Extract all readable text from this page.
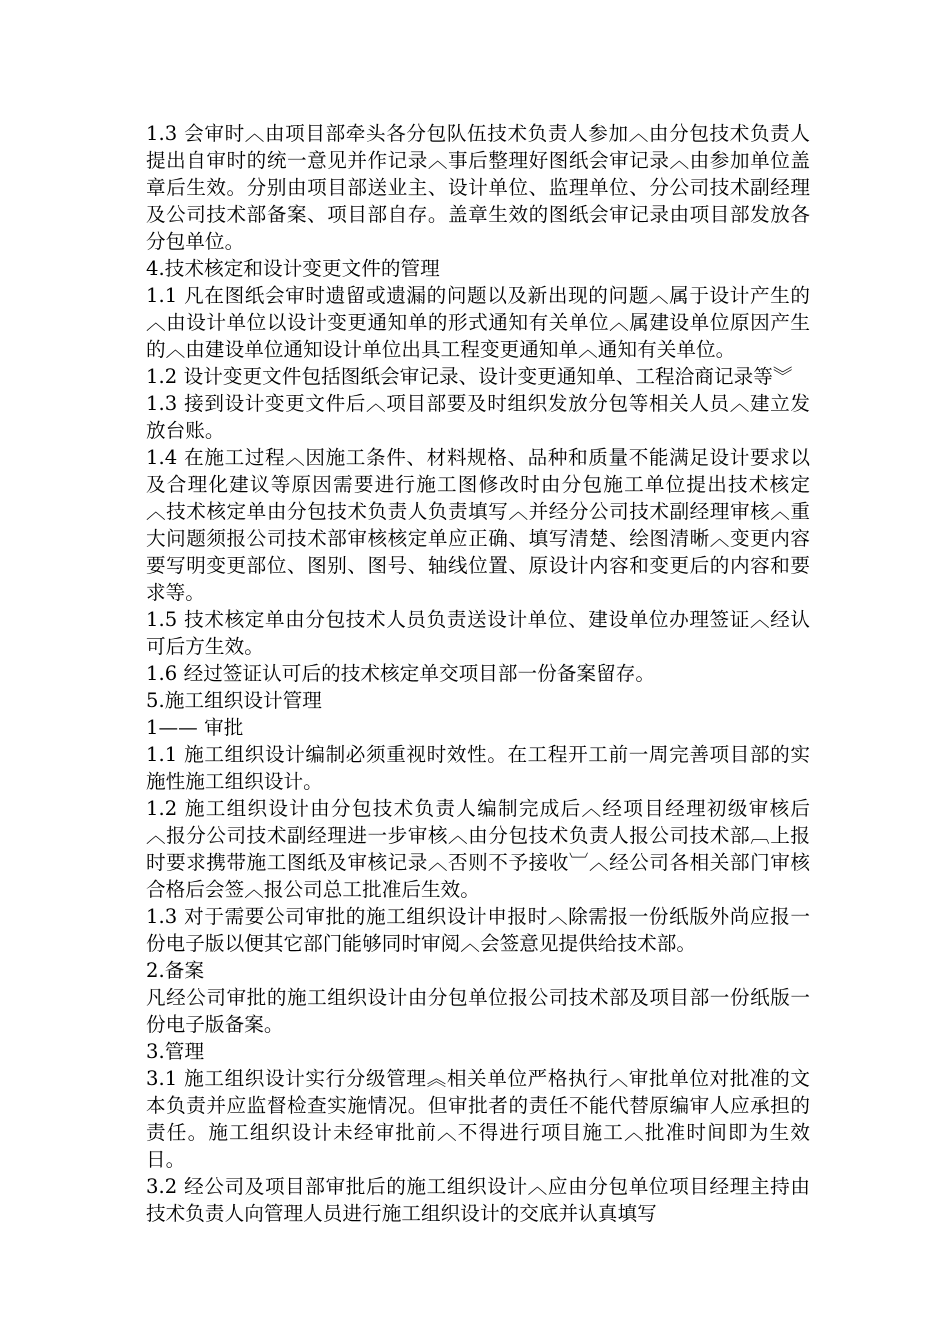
1.3 会审时︿由项目部牵头各分包队伍技术负责人参加︿由分包技术负责人提出自审时的统一意见并作记录︿事后整理好图纸会审记录︿由参加单位盖章后生效。分别由项目部送业主、设计单位、监理单位、分公司技术副经理及公司技术部备案、项目部自存。盖章生效的图纸会审记录由项目部发放各分包单位。

4.技术核定和设计变更文件的管理

1.1 凡在图纸会审时遗留或遗漏的问题以及新出现的问题︿属于设计产生的︿由设计单位以设计变更通知单的形式通知有关单位︿属建设单位原因产生的︿由建设单位通知设计单位出具工程变更通知单︿通知有关单位。

1.2 设计变更文件包括图纸会审记录、设计变更通知单、工程洽商记录等︾

1.3 接到设计变更文件后︿项目部要及时组织发放分包等相关人员︿建立发放台账。

1.4 在施工过程︿因施工条件、材料规格、品种和质量不能满足设计要求以及合理化建议等原因需要进行施工图修改时由分包施工单位提出技术核定︿技术核定单由分包技术负责人负责填写︿并经分公司技术副经理审核︿重大问题须报公司技术部审核核定单应正确、填写清楚、绘图清晰︿变更内容要写明变更部位、图别、图号、轴线位置、原设计内容和变更后的内容和要求等。

1.5 技术核定单由分包技术人员负责送设计单位、建设单位办理签证︿经认可后方生效。

1.6 经过签证认可后的技术核定单交项目部一份备案留存。

5.施工组织设计管理

1—— 审批

1.1 施工组织设计编制必须重视时效性。在工程开工前一周完善项目部的实施性施工组织设计。

1.2 施工组织设计由分包技术负责人编制完成后︿经项目经理初级审核后︿报分公司技术副经理进一步审核︿由分包技术负责人报公司技术部︹上报时要求携带施工图纸及审核记录︿否则不予接收︺︿经公司各相关部门审核合格后会签︿报公司总工批准后生效。

1.3 对于需要公司审批的施工组织设计申报时︿除需报一份纸版外尚应报一份电子版以便其它部门能够同时审阅︿会签意见提供给技术部。

2.备案

凡经公司审批的施工组织设计由分包单位报公司技术部及项目部一份纸版一份电子版备案。

3.管理

3.1 施工组织设计实行分级管理︽相关单位严格执行︿审批单位对批准的文本负责并应监督检查实施情况。但审批者的责任不能代替原编审人应承担的责任。施工组织设计未经审批前︿不得进行项目施工︿批准时间即为生效日。

3.2 经公司及项目部审批后的施工组织设计︿应由分包单位项目经理主持由技术负责人向管理人员进行施工组织设计的交底并认真填写
